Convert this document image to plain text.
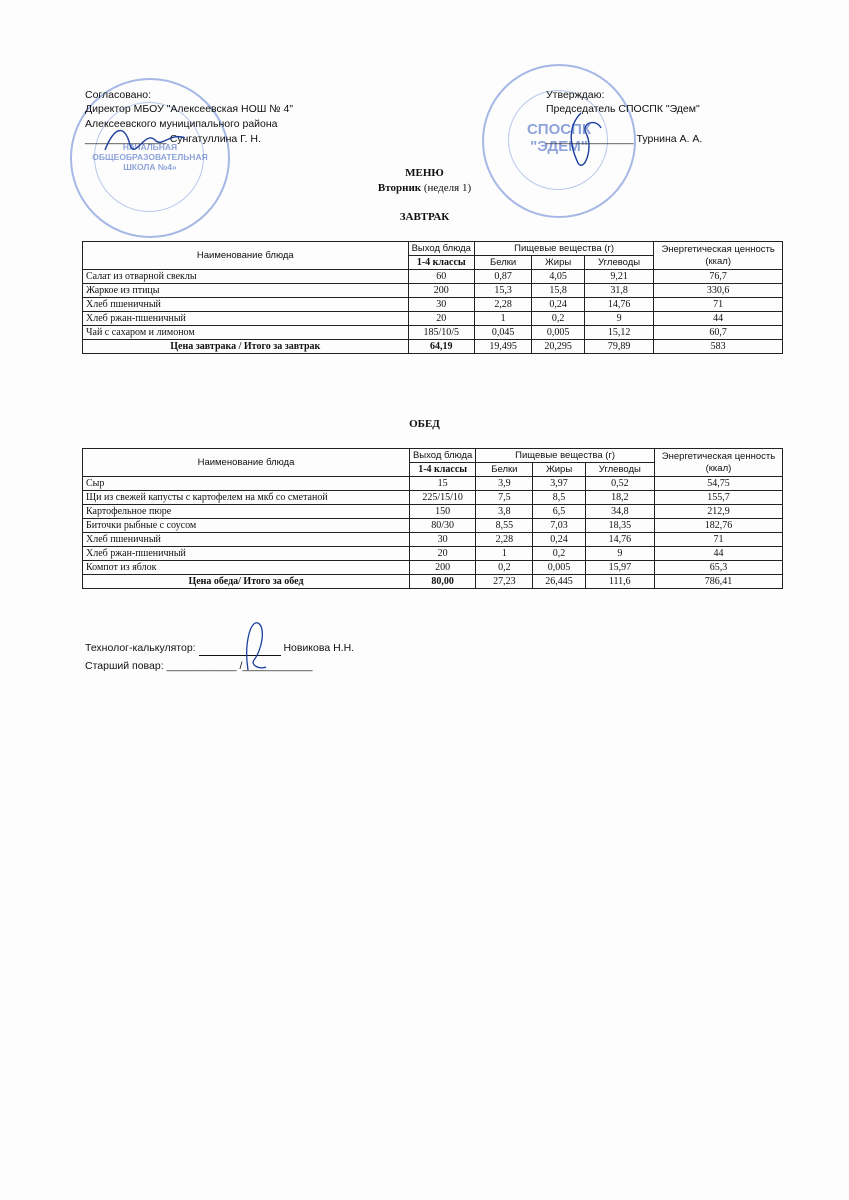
НАЧАЛЬНАЯ
ОБЩЕОБРАЗОВАТЕЛЬНАЯ
ШКОЛА №4»
СПОСПК
"ЭДЕМ"
Согласовано:
Директор МБОУ "Алексеевская НОШ № 4"
Алексеевского муниципального района
______________ Сунгатуллина Г. Н.
Утверждаю:
Председатель СПОСПК "Эдем"
_______________ Турнина А. А.
МЕНЮ
Вторник (неделя 1)
ЗАВТРАК
Наименование блюда	Выход блюда	Пищевые вещества (г)			Энергетическая ценность (ккал)
	1-4 классы	Белки	Жиры	Углеводы	
Салат из отварной свеклы	60	0,87	4,05	9,21	76,7
Жаркое из птицы	200	15,3	15,8	31,8	330,6
Хлеб пшеничный	30	2,28	0,24	14,76	71
Хлеб ржан-пшеничный	20	1	0,2	9	44
Чай с сахаром и лимоном	185/10/5	0,045	0,005	15,12	60,7
Цена завтрака / Итого за завтрак	64,19	19,495	20,295	79,89	583
ОБЕД
Наименование блюда	Выход блюда	Пищевые вещества (г)			Энергетическая ценность (ккал)
	1-4 классы	Белки	Жиры	Углеводы	
Сыр	15	3,9	3,97	0,52	54,75
Щи из свежей капусты с картофелем на мкб со сметаной	225/15/10	7,5	8,5	18,2	155,7
Картофельное пюре	150	3,8	6,5	34,8	212,9
Биточки рыбные с соусом	80/30	8,55	7,03	18,35	182,76
Хлеб пшеничный	30	2,28	0,24	14,76	71
Хлеб ржан-пшеничный	20	1	0,2	9	44
Компот из яблок	200	0,2	0,005	15,97	65,3
Цена обеда/ Итого за обед	80,00	27,23	26,445	111,6	786,41
Технолог-калькулятор:	Новикова Н.Н.
Старший повар: ____________ /____________
